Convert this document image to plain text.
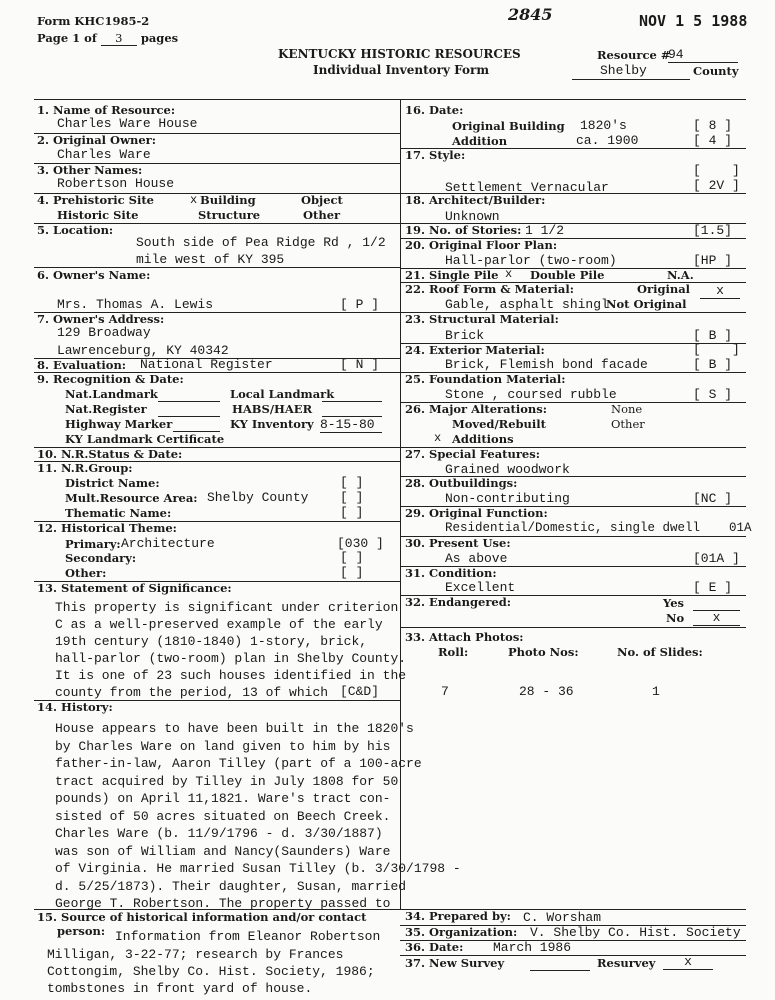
Form KHC1985-2
Page 1 of 3 pages
2845	NOV 1 5 1988
KENTUCKY HISTORIC RESOURCES
Individual Inventory Form
Resource #
94
Shelby	County
1. Name of Resource:
Charles Ware House
2. Original Owner:
Charles Ware
3. Other Names:
Robertson House
4. Prehistoric Site	x Building	Object
Historic Site	Structure	Other
5. Location:
South side of Pea Ridge Rd , 1/2
mile west of KY 395
6. Owner's Name:
Mrs. Thomas A. Lewis	[ P ]
7. Owner's Address:
129 Broadway
Lawrenceburg, KY 40342
8. Evaluation: National Register	[ N ]
9. Recognition & Date:
Nat.Landmark	Local Landmark
Nat.Register	HABS/HAER
Highway Marker	KY Inventory 8-15-80
KY Landmark Certificate
10. N.R.Status & Date:
11. N.R.Group:
District Name:	[ ]
Mult.Resource Area: Shelby County [ ]
Thematic Name:	[ ]
12. Historical Theme:
Primary: Architecture	[030 ]
Secondary:	[ ]
Other:	[ ]
13. Statement of Significance:
This property is significant under criterion
C as a well-preserved example of the early
19th century (1810-1840) 1-story, brick,
hall-parlor (two-room) plan in Shelby County.
It is one of 23 such houses identified in the
county from the period, 13 of which [C&D]
14. History:
House appears to have been built in the 1820's
by Charles Ware on land given to him by his
father-in-law, Aaron Tilley (part of a 100-acre
tract acquired by Tilley in July 1808 for 50
pounds) on April 11,1821. Ware's tract con-
sisted of 50 acres situated on Beech Creek.
Charles Ware (b. 11/9/1796 - d. 3/30/1887)
was son of William and Nancy(Saunders) Ware
of Virginia. He married Susan Tilley (b. 3/30/1798 -
d. 5/25/1873). Their daughter, Susan, married
George T. Robertson. The property passed to
15. Source of historical information and/or contact
person: Information from Eleanor Robertson
Milligan, 3-22-77; research by Frances
Cottongim, Shelby Co. Hist. Society, 1986;
tombstones in front yard of house.
16. Date:
Original Building 1820's	[ 8 ]
Addition	ca. 1900	[ 4 ]
17. Style:
[    ]
Settlement Vernacular	[ 2V ]
18. Architect/Builder:
Unknown
19. No. of Stories: 1 1/2	[1.5]
20. Original Floor Plan:
Hall-parlor (two-room)	[HP ]
21. Single Pile x Double Pile	N.A.
22. Roof Form & Material:	Original	x
Gable, asphalt shingl
Not Original
23. Structural Material:
Brick	[ B ]
24. Exterior Material:	[    ]
Brick, Flemish bond facade	[ B ]
25. Foundation Material:
Stone , coursed rubble	[ S ]
26. Major Alterations:	None
Moved/Rebuilt	Other
x Additions
27. Special Features:
Grained woodwork
28. Outbuildings:
Non-contributing	[NC ]
29. Original Function:
Residential/Domestic, single dwell 01A
30. Present Use:
As above	[01A ]
31. Condition:
Excellent	[ E ]
32. Endangered:	Yes
No	x
33. Attach Photos:
Roll:	Photo Nos:	No. of Slides:
7	28 - 36	1
34. Prepared by: C. Worsham
35. Organization: V. Shelby Co. Hist. Society
36. Date: March 1986
37. New Survey	Resurvey	x
